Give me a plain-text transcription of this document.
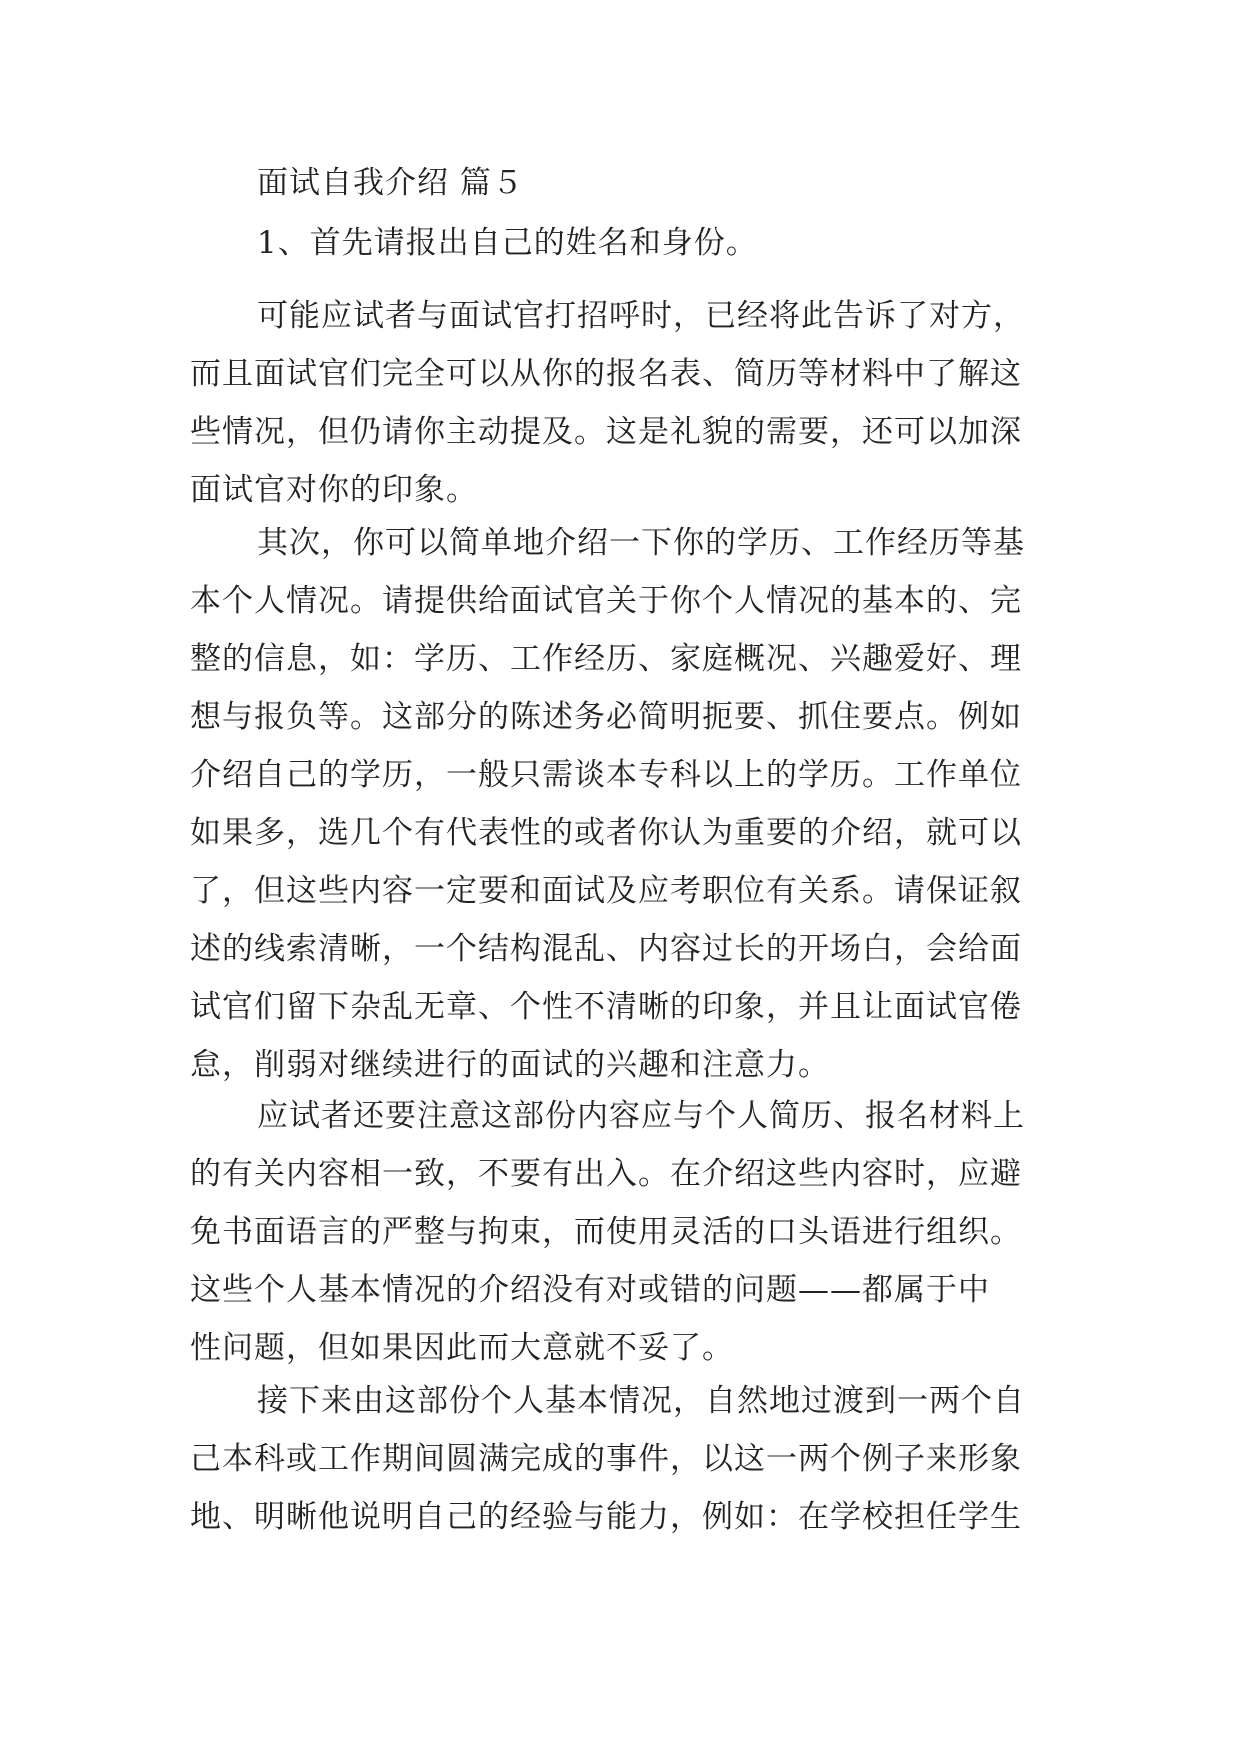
面试自我介绍 篇５
1、首先请报出自己的姓名和身份。
可能应试者与面试官打招呼时，已经将此告诉了对方，
而且面试官们完全可以从你的报名表、简历等材料中了解这
些情况，但仍请你主动提及。这是礼貌的需要，还可以加深
面试官对你的印象。
其次，你可以简单地介绍一下你的学历、工作经历等基
本个人情况。请提供给面试官关于你个人情况的基本的、完
整的信息，如：学历、工作经历、家庭概况、兴趣爱好、理
想与报负等。这部分的陈述务必简明扼要、抓住要点。例如
介绍自己的学历，一般只需谈本专科以上的学历。工作单位
如果多，选几个有代表性的或者你认为重要的介绍，就可以
了，但这些内容一定要和面试及应考职位有关系。请保证叙
述的线索清晰，一个结构混乱、内容过长的开场白，会给面
试官们留下杂乱无章、个性不清晰的印象，并且让面试官倦
怠，削弱对继续进行的面试的兴趣和注意力。
应试者还要注意这部份内容应与个人简历、报名材料上
的有关内容相一致，不要有出入。在介绍这些内容时，应避
免书面语言的严整与拘束，而使用灵活的口头语进行组织。
这些个人基本情况的介绍没有对或错的问题——都属于中
性问题，但如果因此而大意就不妥了。
接下来由这部份个人基本情况，自然地过渡到一两个自
己本科或工作期间圆满完成的事件，以这一两个例子来形象
地、明晰他说明自己的经验与能力，例如：在学校担任学生
